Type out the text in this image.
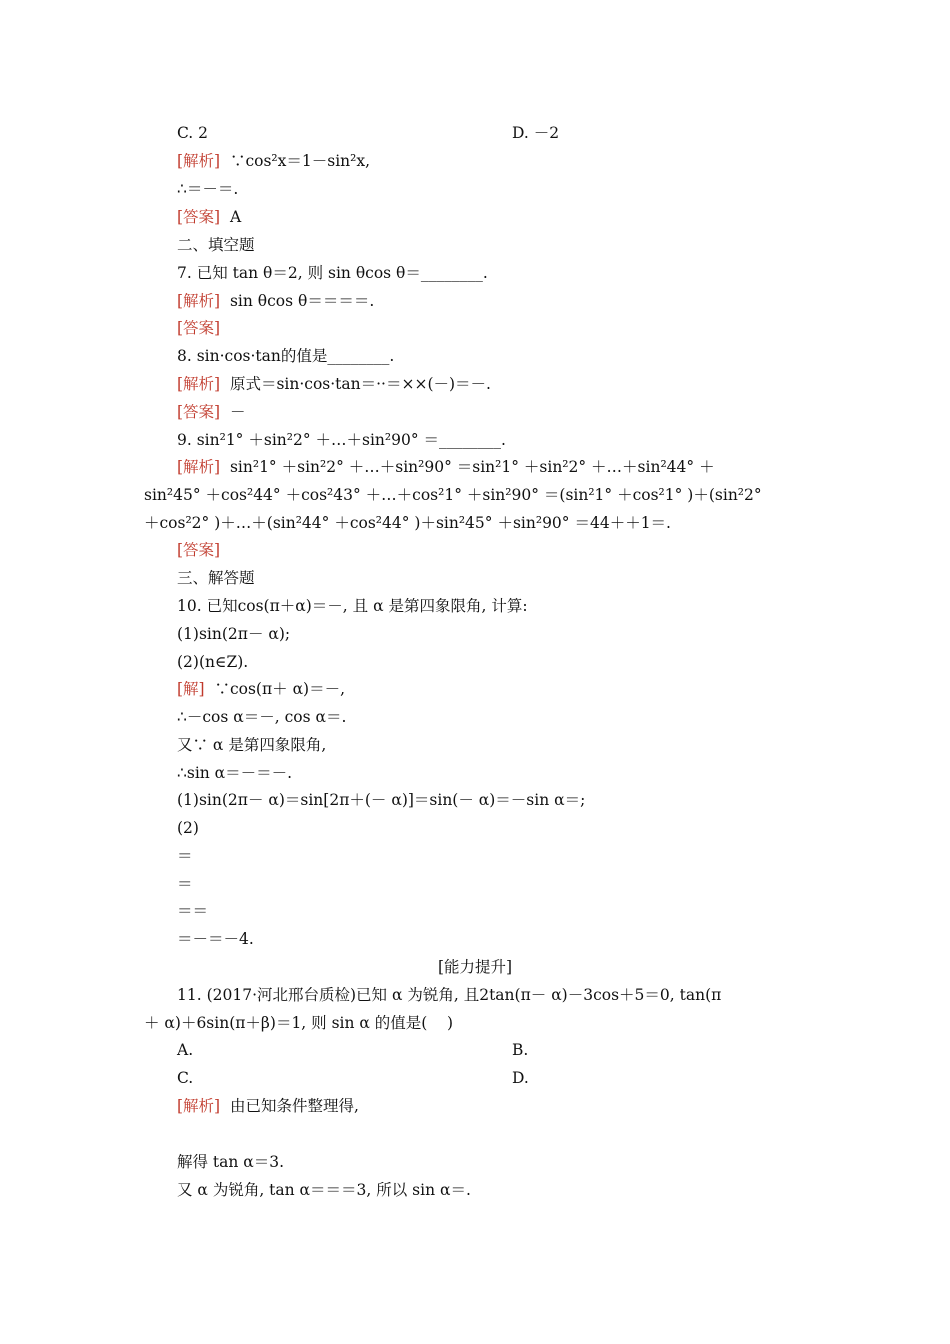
C. 2	D. －2
[解析]  ∵cos²x＝1－sin²x,
∴＝－＝.
[答案]  A
二、填空题
7. 已知 tan θ＝2, 则 sin θcos θ＝________.
[解析]  sin θcos θ＝＝＝＝.
[答案]
8. sin·cos·tan的值是________.
[解析]  原式＝sin·cos·tan＝··＝××(－)＝－.
[答案]  －
9. sin²1° ＋sin²2° ＋…＋sin²90° ＝________.
[解析]  sin²1° ＋sin²2° ＋…＋sin²90° ＝sin²1° ＋sin²2° ＋…＋sin²44° ＋
sin²45° ＋cos²44° ＋cos²43° ＋…＋cos²1° ＋sin²90° ＝(sin²1° ＋cos²1° )＋(sin²2°
＋cos²2° )＋…＋(sin²44° ＋cos²44° )＋sin²45° ＋sin²90° ＝44＋＋1＝.
[答案]
三、解答题
10. 已知cos(π＋α)＝－, 且 α 是第四象限角, 计算:
(1)sin(2π－ α);
(2)(n∈Z).
[解]  ∵cos(π＋ α)＝－,
∴－cos α＝－, cos α＝.
又∵ α 是第四象限角,
∴sin α＝－＝－.
(1)sin(2π－ α)＝sin[2π＋(－ α)]＝sin(－ α)＝－sin α＝;
(2)
＝
＝
＝＝
＝－＝－4.
[能力提升]
11. (2017·河北邢台质检)已知 α 为锐角, 且2tan(π－ α)－3cos＋5＝0, tan(π
＋ α)＋6sin(π＋β)＝1, 则 sin α 的值是(    )
A.	B.
C.	D.
[解析]  由已知条件整理得,
解得 tan α＝3.
又 α 为锐角, tan α＝＝＝3, 所以 sin α＝.
